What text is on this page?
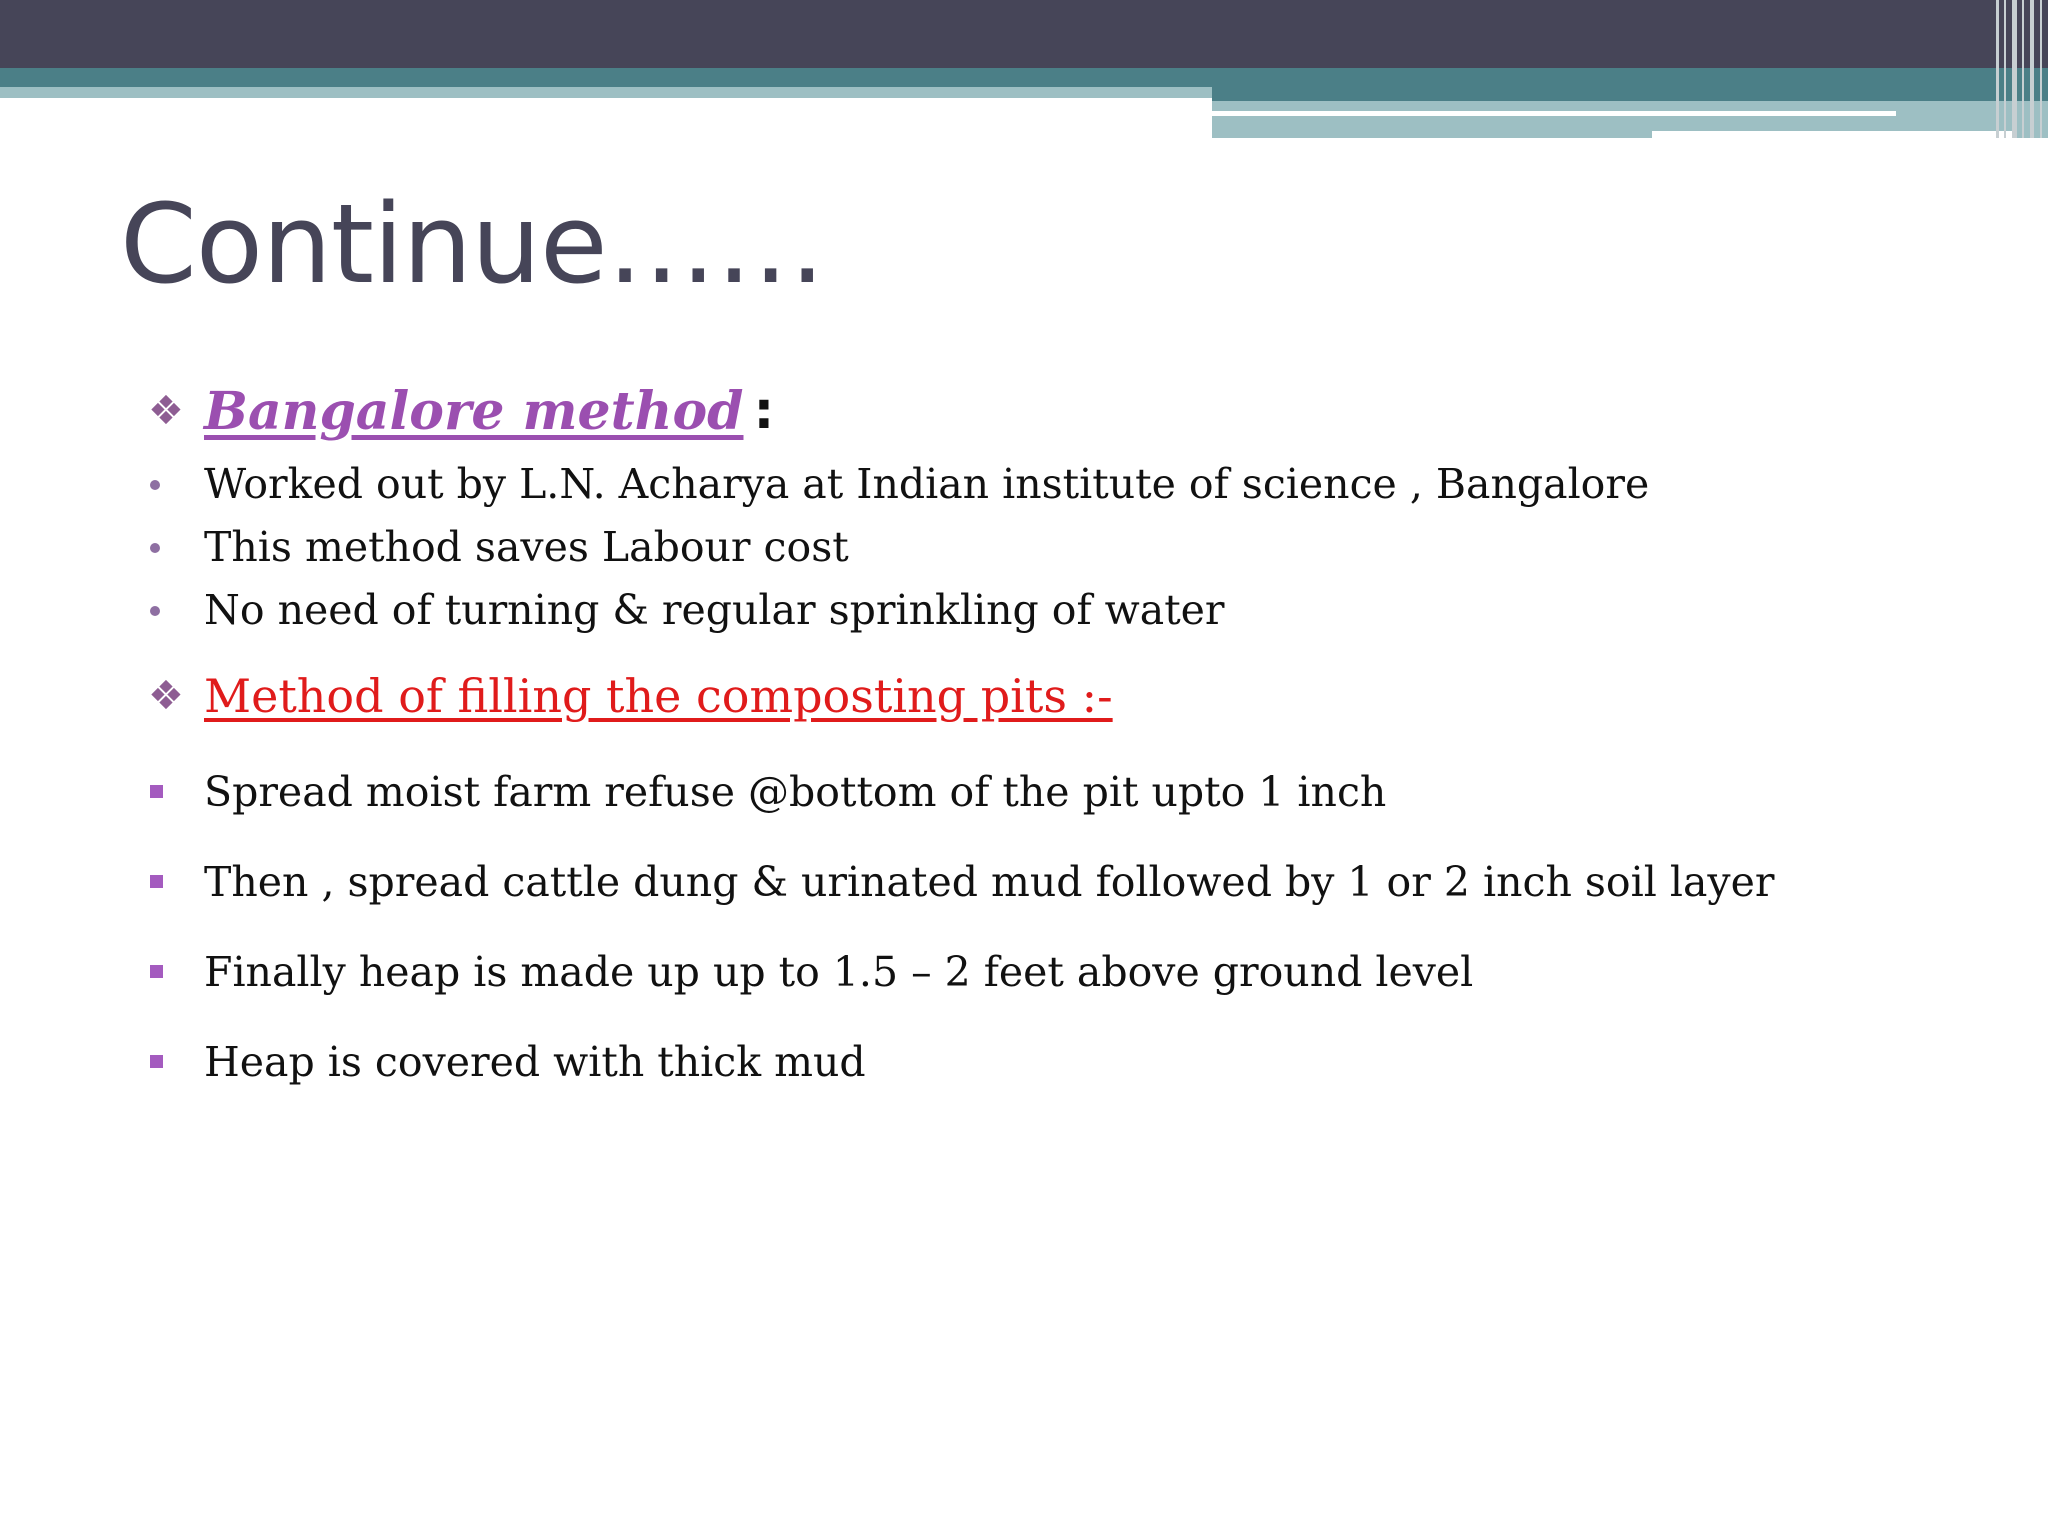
Continue……
❖ Bangalore method :
Worked out by L.N. Acharya at Indian institute of science , Bangalore
This method saves Labour cost
No need of turning & regular sprinkling of water
❖ Method of filling the composting pits :-
Spread moist farm refuse @bottom of the pit upto 1 inch
Then , spread cattle dung & urinated mud followed by 1 or 2 inch soil layer
Finally heap is made up up to 1.5 – 2 feet above ground level
Heap is covered with thick mud
